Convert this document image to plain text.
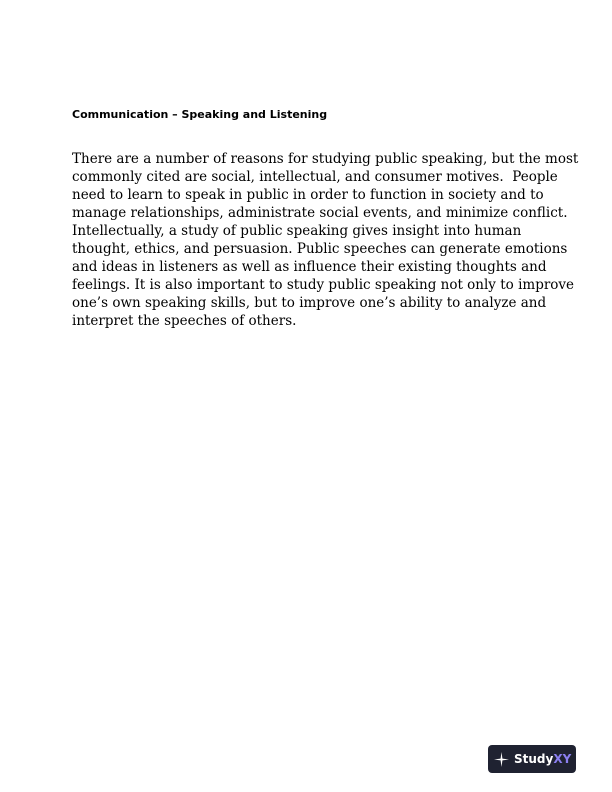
Communication – Speaking and Listening

There are a number of reasons for studying public speaking, but the most
commonly cited are social, intellectual, and consumer motives.  People
need to learn to speak in public in order to function in society and to
manage relationships, administrate social events, and minimize conflict.
Intellectually, a study of public speaking gives insight into human
thought, ethics, and persuasion. Public speeches can generate emotions
and ideas in listeners as well as influence their existing thoughts and
feelings. It is also important to study public speaking not only to improve
one’s own speaking skills, but to improve one’s ability to analyze and
interpret the speeches of others.

StudyXY
